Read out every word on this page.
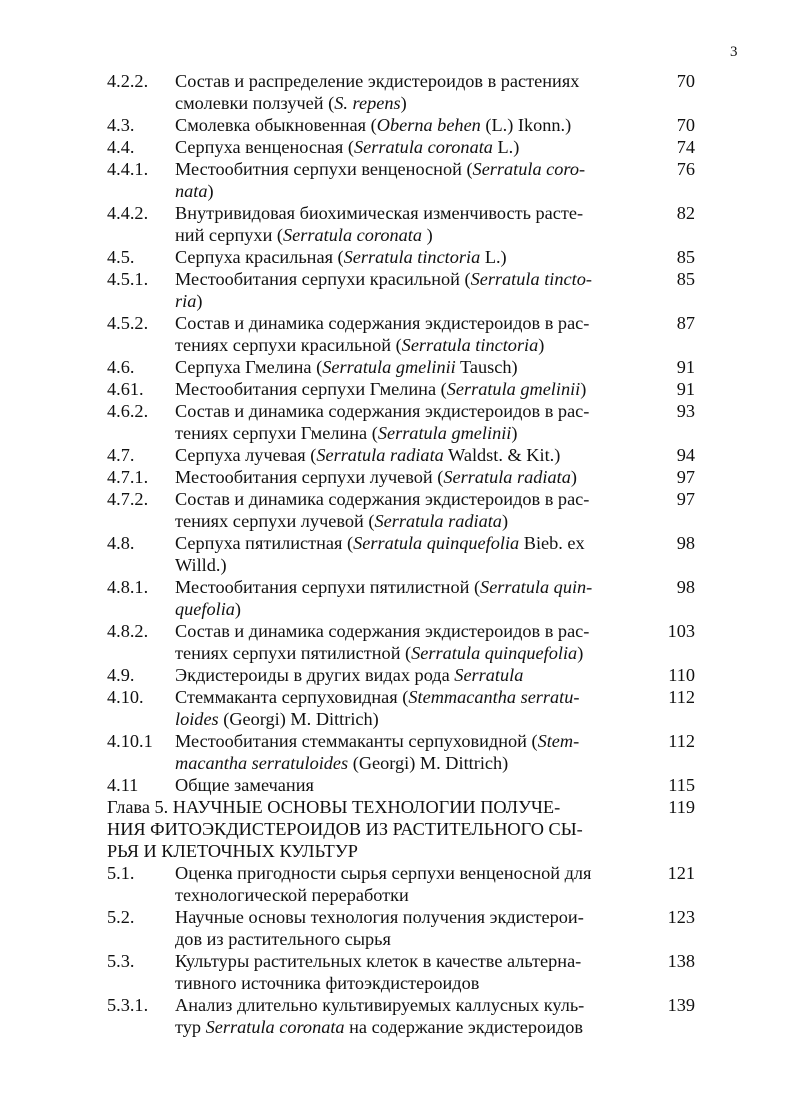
3
4.2.2.	Состав и распределение экдистероидов в растениях	70
смолевки ползучей (S. repens)
4.3.	Смолевка обыкновенная (Oberna behen (L.) Ikonn.)	70
4.4.	Серпуха венценосная (Serratula coronata L.)	74
4.4.1.	Местообитния серпухи венценосной (Serratula coro-	76
nata)
4.4.2.	Внутривидовая биохимическая изменчивость расте-	82
ний серпухи (Serratula coronata )
4.5.	Серпуха красильная (Serratula tinctoria L.)	85
4.5.1.	Местообитания серпухи красильной (Serratula tincto-	85
ria)
4.5.2.	Состав и динамика содержания экдистероидов в рас-	87
тениях серпухи красильной (Serratula tinctoria)
4.6.	Серпуха Гмелина (Serratula gmelinii Tausch)	91
4.61.	Местообитания серпухи Гмелина (Serratula gmelinii)	91
4.6.2.	Состав и динамика содержания экдистероидов в рас-	93
тениях серпухи Гмелина (Serratula gmelinii)
4.7.	Серпуха лучевая (Serratula radiata Waldst. & Kit.)	94
4.7.1.	Местообитания серпухи лучевой (Serratula radiata)	97
4.7.2.	Состав и динамика содержания экдистероидов в рас-	97
тениях серпухи лучевой (Serratula radiata)
4.8.	Серпуха пятилистная (Serratula quinquefolia Bieb. ex	98
Willd.)
4.8.1.	Местообитания серпухи пятилистной (Serratula quin-	98
quefolia)
4.8.2.	Состав и динамика содержания экдистероидов в рас-	103
тениях серпухи пятилистной (Serratula quinquefolia)
4.9.	Экдистероиды в других видах рода Serratula	110
4.10.	Стеммаканта серпуховидная (Stemmacantha serratu-	112
loides (Georgi) M. Dittrich)
4.10.1	Местообитания стеммаканты серпуховидной (Stem-	112
macantha serratuloides (Georgi) M. Dittrich)
4.11	Общие замечания	115
Глава 5. НАУЧНЫЕ ОСНОВЫ ТЕХНОЛОГИИ ПОЛУЧЕ-	119
НИЯ ФИТОЭКДИСТЕРОИДОВ ИЗ РАСТИТЕЛЬНОГО СЫ-
РЬЯ И КЛЕТОЧНЫХ КУЛЬТУР
5.1.	Оценка пригодности сырья серпухи венценосной для	121
технологической переработки
5.2.	Научные основы технология получения экдистерои-	123
дов из растительного сырья
5.3.	Культуры растительных клеток в качестве альтерна-	138
тивного источника фитоэкдистероидов
5.3.1.	Анализ длительно культивируемых каллусных куль-	139
тур Serratula coronata на содержание экдистероидов
